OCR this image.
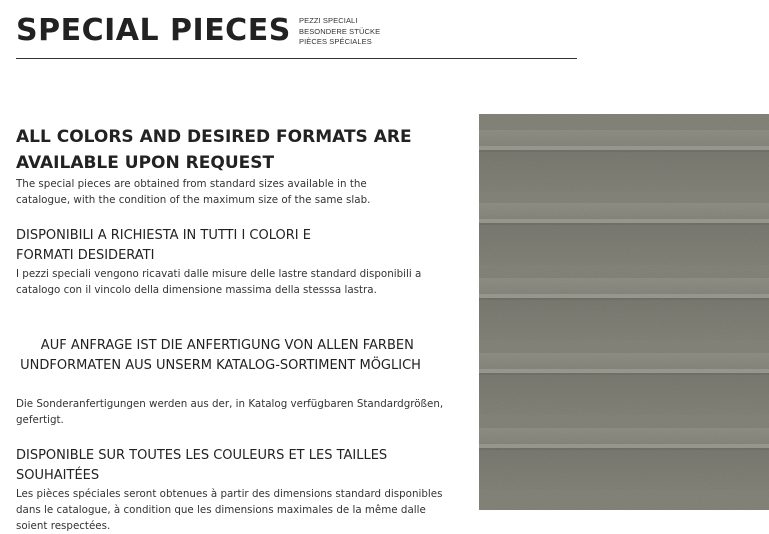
SPECIAL PIECES PEZZI SPECIALI
BESONDERE STÜCKE
PIÈCES SPÉCIALES
ALL COLORS AND DESIRED FORMATS ARE
AVAILABLE UPON REQUEST

The special pieces are obtained from standard sizes available in the
catalogue, with the condition of the maximum size of the same slab.

DISPONIBILI A RICHIESTA IN TUTTI I COLORI E
FORMATI DESIDERATI

I pezzi speciali vengono ricavati dalle misure delle lastre standard disponibili a
catalogo con il vincolo della dimensione massima della stesssa lastra.

AUF ANFRAGE IST DIE ANFERTIGUNG VON ALLEN FARBEN
UNDFORMATEN AUS UNSERM KATALOG-SORTIMENT MÖGLICH

Die Sonderanfertigungen werden aus der, in Katalog verfügbaren Standardgrößen,
gefertigt.

DISPONIBLE SUR TOUTES LES COULEURS ET LES TAILLES
SOUHAITÉES

Les pièces spéciales seront obtenues à partir des dimensions standard disponibles
dans le catalogue, à condition que les dimensions maximales de la même dalle
soient respectées.
